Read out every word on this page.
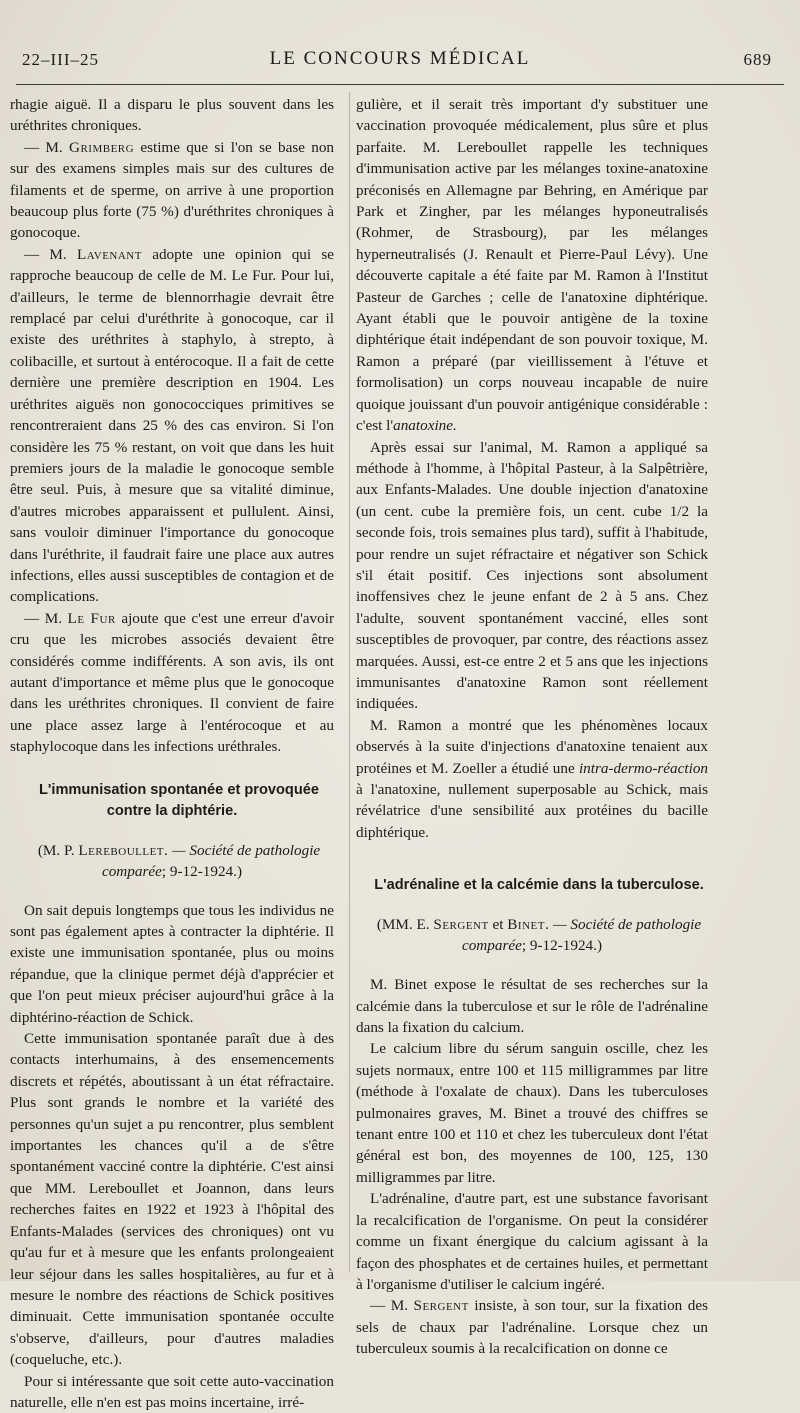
22–III–25	LE CONCOURS MÉDICAL	689

rhagie aiguë. Il a disparu le plus souvent dans les uréthrites chroniques.

— M. Grimberg estime que si l'on se base non sur des examens simples mais sur des cultures de filaments et de sperme, on arrive à une proportion beaucoup plus forte (75 %) d'uréthrites chroniques à gonocoque.

— M. Lavenant adopte une opinion qui se rapproche beaucoup de celle de M. Le Fur. Pour lui, d'ailleurs, le terme de blennorrhagie devrait être remplacé par celui d'uréthrite à gonocoque, car il existe des uréthrites à staphylo, à strepto, à colibacille, et surtout à entérocoque. Il a fait de cette dernière une première description en 1904. Les uréthrites aiguës non gonococciques primitives se rencontreraient dans 25 % des cas environ. Si l'on considère les 75 % restant, on voit que dans les huit premiers jours de la maladie le gonocoque semble être seul. Puis, à mesure que sa vitalité diminue, d'autres microbes apparaissent et pullulent. Ainsi, sans vouloir diminuer l'importance du gonocoque dans l'uréthrite, il faudrait faire une place aux autres infections, elles aussi susceptibles de contagion et de complications.

— M. Le Fur ajoute que c'est une erreur d'avoir cru que les microbes associés devaient être considérés comme indifférents. A son avis, ils ont autant d'importance et même plus que le gonocoque dans les uréthrites chroniques. Il convient de faire une place assez large à l'entérocoque et au staphylocoque dans les infections uréthrales.

L'immunisation spontanée et provoquée contre la diphtérie.

(M. P. Lereboullet. — Société de pathologie comparée; 9-12-1924.)

On sait depuis longtemps que tous les individus ne sont pas également aptes à contracter la diphtérie. Il existe une immunisation spontanée, plus ou moins répandue, que la clinique permet déjà d'apprécier et que l'on peut mieux préciser aujourd'hui grâce à la diphtérino-réaction de Schick.

Cette immunisation spontanée paraît due à des contacts interhumains, à des ensemencements discrets et répétés, aboutissant à un état réfractaire. Plus sont grands le nombre et la variété des personnes qu'un sujet a pu rencontrer, plus semblent importantes les chances qu'il a de s'être spontanément vacciné contre la diphtérie. C'est ainsi que MM. Lereboullet et Joannon, dans leurs recherches faites en 1922 et 1923 à l'hôpital des Enfants-Malades (services des chroniques) ont vu qu'au fur et à mesure que les enfants prolongeaient leur séjour dans les salles hospitalières, au fur et à mesure le nombre des réactions de Schick positives diminuait. Cette immunisation spontanée occulte s'observe, d'ailleurs, pour d'autres maladies (coqueluche, etc.).

Pour si intéressante que soit cette auto-vaccination naturelle, elle n'en est pas moins incertaine, irré-

gulière, et il serait très important d'y substituer une vaccination provoquée médicalement, plus sûre et plus parfaite. M. Lereboullet rappelle les techniques d'immunisation active par les mélanges toxine-anatoxine préconisés en Allemagne par Behring, en Amérique par Park et Zingher, par les mélanges hyponeutralisés (Rohmer, de Strasbourg), par les mélanges hyperneutralisés (J. Renault et Pierre-Paul Lévy). Une découverte capitale a été faite par M. Ramon à l'Institut Pasteur de Garches ; celle de l'anatoxine diphtérique. Ayant établi que le pouvoir antigène de la toxine diphtérique était indépendant de son pouvoir toxique, M. Ramon a préparé (par vieillissement à l'étuve et formolisation) un corps nouveau incapable de nuire quoique jouissant d'un pouvoir antigénique considérable : c'est l'anatoxine.

Après essai sur l'animal, M. Ramon a appliqué sa méthode à l'homme, à l'hôpital Pasteur, à la Salpêtrière, aux Enfants-Malades. Une double injection d'anatoxine (un cent. cube la première fois, un cent. cube 1/2 la seconde fois, trois semaines plus tard), suffit à l'habitude, pour rendre un sujet réfractaire et négativer son Schick s'il était positif. Ces injections sont absolument inoffensives chez le jeune enfant de 2 à 5 ans. Chez l'adulte, souvent spontanément vacciné, elles sont susceptibles de provoquer, par contre, des réactions assez marquées. Aussi, est-ce entre 2 et 5 ans que les injections immunisantes d'anatoxine Ramon sont réellement indiquées.

M. Ramon a montré que les phénomènes locaux observés à la suite d'injections d'anatoxine tenaient aux protéines et M. Zoeller a étudié une intra-dermo-réaction à l'anatoxine, nullement superposable au Schick, mais révélatrice d'une sensibilité aux protéines du bacille diphtérique.

L'adrénaline et la calcémie dans la tuberculose.

(MM. E. Sergent et Binet. — Société de pathologie comparée; 9-12-1924.)

M. Binet expose le résultat de ses recherches sur la calcémie dans la tuberculose et sur le rôle de l'adrénaline dans la fixation du calcium.

Le calcium libre du sérum sanguin oscille, chez les sujets normaux, entre 100 et 115 milligrammes par litre (méthode à l'oxalate de chaux). Dans les tuberculoses pulmonaires graves, M. Binet a trouvé des chiffres se tenant entre 100 et 110 et chez les tuberculeux dont l'état général est bon, des moyennes de 100, 125, 130 milligrammes par litre.

L'adrénaline, d'autre part, est une substance favorisant la recalcification de l'organisme. On peut la considérer comme un fixant énergique du calcium agissant à la façon des phosphates et de certaines huiles, et permettant à l'organisme d'utiliser le calcium ingéré.

— M. Sergent insiste, à son tour, sur la fixation des sels de chaux par l'adrénaline. Lorsque chez un tuberculeux soumis à la recalcification on donne ce
